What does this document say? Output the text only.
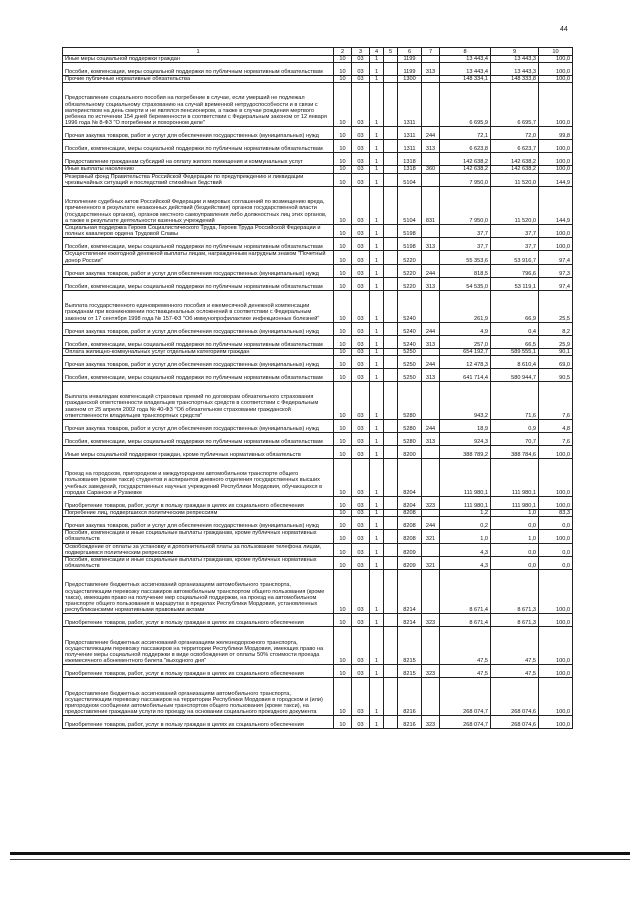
44
1	2	3	4	5	6	7	8	9	10
Иные меры социальной поддержки граждан	10	03	1		1199		13 443,4	13 443,3	100,0
Пособия, компенсации, меры социальной поддержки по публичным нормативным обязательствам	10	03	1		1199	313	13 443,4	13 443,3	100,0
Прочие публичные нормативные обязательства	10	03	1		1300		148 334,1	148 333,8	100,0
Предоставление социального пособия на погребение в случае, если умерший не подлежал обязательному социальному страхованию на случай временной нетрудоспособности и в связи с материнством на день смерти и не являлся пенсионером, а также в случае рождения мертвого ребенка по истечении 154 дней беременности в соответствии с Федеральным законом от 12 января 1996 года № 8-ФЗ "О погребении и похоронном деле"	10	03	1		1311		6 695,9	6 695,7	100,0
Прочая закупка товаров, работ и услуг для обеспечения государственных (муниципальных) нужд	10	03	1		1311	244	72,1	72,0	99,8
Пособия, компенсации, меры социальной поддержки по публичным нормативным обязательствам	10	03	1		1311	313	6 623,8	6 623,7	100,0
Предоставление гражданам субсидий на оплату жилого помещения и коммунальных услуг	10	03	1		1318		142 638,2	142 638,2	100,0
Иные выплаты населению	10	03	1		1318	360	142 638,2	142 638,2	100,0
Резервный фонд Правительства Российской Федерации по предупреждению и ликвидации чрезвычайных ситуаций и последствий стихийных бедствий	10	03	1		5104		7 950,0	11 520,0	144,9
Исполнение судебных актов Российской Федерации и мировых соглашений по возмещению вреда, причиненного в результате незаконных действий (бездействия) органов государственной власти (государственных органов), органов местного самоуправления либо должностных лиц этих органов, а также в результате деятельности казенных учреждений	10	03	1		5104	831	7 950,0	11 520,0	144,9
Социальная поддержка Героев Социалистического Труда, Героев Труда Российской Федерации и полных кавалеров ордена Трудовой Славы	10	03	1		5198		37,7	37,7	100,0
Пособия, компенсации, меры социальной поддержки по публичным нормативным обязательствам	10	03	1		5198	313	37,7	37,7	100,0
Осуществление ежегодной денежной выплаты лицам, награжденным нагрудным знаком "Почетный донор России"	10	03	1		5220		55 353,6	53 916,7	97,4
Прочая закупка товаров, работ и услуг для обеспечения государственных (муниципальных) нужд	10	03	1		5220	244	818,5	796,6	97,3
Пособия, компенсации, меры социальной поддержки по публичным нормативным обязательствам	10	03	1		5220	313	54 535,0	53 119,1	97,4
Выплата государственного единовременного пособия и ежемесячной денежной компенсации гражданам при возникновении поствакцинальных осложнений в соответствии с Федеральным законом от 17 сентября 1998 года № 157-ФЗ "Об иммунопрофилактике инфекционных болезней"	10	03	1		5240		261,9	66,9	25,5
Прочая закупка товаров, работ и услуг для обеспечения государственных (муниципальных) нужд	10	03	1		5240	244	4,9	0,4	8,2
Пособия, компенсации, меры социальной поддержки по публичным нормативным обязательствам	10	03	1		5240	313	257,0	66,5	25,9
Оплата жилищно-коммунальных услуг отдельным категориям граждан	10	03	1		5250		654 192,7	589 555,1	90,1
Прочая закупка товаров, работ и услуг для обеспечения государственных (муниципальных) нужд	10	03	1		5250	244	12 478,3	8 610,4	69,0
Пособия, компенсации, меры социальной поддержки по публичным нормативным обязательствам	10	03	1		5250	313	641 714,4	580 944,7	90,5
Выплата инвалидам компенсаций страховых премий по договорам обязательного страхования гражданской ответственности владельцев транспортных средств в соответствии с Федеральным законом от 25 апреля 2002 года № 40-ФЗ "Об обязательном страховании гражданской ответственности владельцев транспортных средств"	10	03	1		5280		943,2	71,6	7,6
Прочая закупка товаров, работ и услуг для обеспечения государственных (муниципальных) нужд	10	03	1		5280	244	18,9	0,9	4,8
Пособия, компенсации, меры социальной поддержки по публичным нормативным обязательствам	10	03	1		5280	313	924,3	70,7	7,6
Иные меры социальной поддержки граждан, кроме публичных нормативных обязательств	10	03	1		8200		388 789,2	388 784,6	100,0
Проезд на городском, пригородном и междугородном автомобильном транспорте общего пользования (кроме такси) студентов и аспирантов дневного отделения государственных высших учебных заведений, государственных научных учреждений Республики Мордовия, обучающихся в городах Саранске и Рузаевке	10	03	1		8204		111 980,1	111 980,1	100,0
Приобретение товаров, работ, услуг в пользу граждан в целях их социального обеспечения	10	03	1		8204	323	111 980,1	111 980,1	100,0
Погребение лиц, подвергшихся политическим репрессиям	10	03	1		8208		1,2	1,0	83,3
Прочая закупка товаров, работ и услуг для обеспечения государственных (муниципальных) нужд	10	03	1		8208	244	0,2	0,0	0,0
Пособия, компенсации и иные социальные выплаты гражданам, кроме публичных нормативных обязательств	10	03	1		8208	321	1,0	1,0	100,0
Освобождение от оплаты за установку и дополнительной платы за пользование телефона лицам, подвергшимся политическим репрессиям	10	03	1		8209		4,3	0,0	0,0
Пособия, компенсации и иные социальные выплаты гражданам, кроме публичных нормативных обязательств	10	03	1		8209	321	4,3	0,0	0,0
Предоставление бюджетных ассигнований организациям автомобильного транспорта, осуществляющим перевозку пассажиров автомобильным транспортом общего пользования (кроме такси), имеющим право на получение мер социальной поддержки, на проезд на автомобильном транспорте общего пользования в маршрутах в пределах Республики Мордовия, установленных республиканскими нормативными правовыми актами	10	03	1		8214		8 671,4	8 671,3	100,0
Приобретение товаров, работ, услуг в пользу граждан в целях их социального обеспечения	10	03	1		8214	323	8 671,4	8 671,3	100,0
Предоставление бюджетных ассигнований организациям железнодорожного транспорта, осуществляющим перевозку пассажиров на территории Республики Мордовия, имеющих право на получение меры социальной поддержки в виде освобождения от оплаты 50% стоимости проезда ежемесячного абонементного билета "выходного дня"	10	03	1		8215		47,5	47,5	100,0
Приобретение товаров, работ, услуг в пользу граждан в целях их социального обеспечения	10	03	1		8215	323	47,5	47,5	100,0
Предоставление бюджетных ассигнований организациям автомобильного транспорта, осуществляющим перевозку пассажиров на территории Республики Мордовия в городском и (или) пригородном сообщении автомобильным транспортом общего пользования (кроме такси), на предоставление гражданам услуги по проезду на основании социального проездного документа	10	03	1		8216		268 074,7	268 074,6	100,0
Приобретение товаров, работ, услуг в пользу граждан в целях их социального обеспечения	10	03	1		8216	323	268 074,7	268 074,6	100,0
